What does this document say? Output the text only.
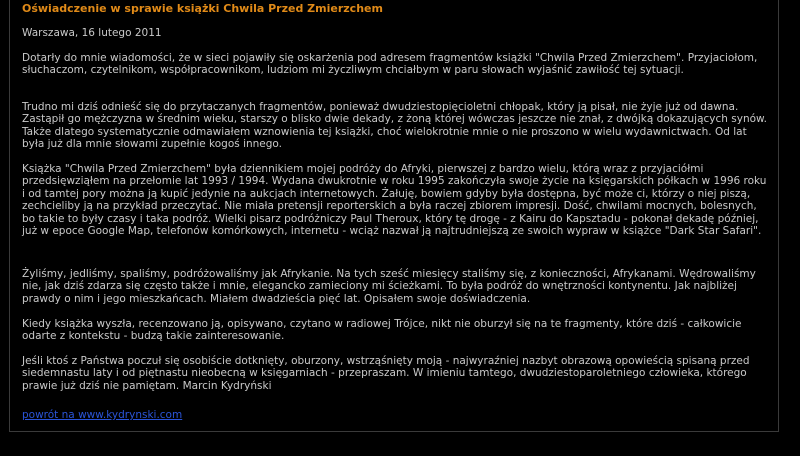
Oświadczenie w sprawie książki Chwila Przed Zmierzchem
Warszawa, 16 lutego 2011

Dotarły do mnie wiadomości, że w sieci pojawiły się oskarżenia pod adresem fragmentów książki "Chwila Przed Zmierzchem". Przyjaciołom, słuchaczom, czytelnikom, współpracownikom, ludziom mi życzliwym chciałbym w paru słowach wyjaśnić zawiłość tej sytuacji.

Trudno mi dziś odnieść się do przytaczanych fragmentów, ponieważ dwudziestopięcioletni chłopak, który ją pisał, nie żyje już od dawna. Zastąpił go mężczyzna w średnim wieku, starszy o blisko dwie dekady, z żoną której wówczas jeszcze nie znał, z dwójką dokazujących synów. Także dlatego systematycznie odmawiałem wznowienia tej książki, choć wielokrotnie mnie o nie proszono w wielu wydawnictwach. Od lat była już dla mnie słowami zupełnie kogoś innego.

Książka "Chwila Przed Zmierzchem" była dziennikiem mojej podróży do Afryki, pierwszej z bardzo wielu, którą wraz z przyjaciółmi przedsięwziąłem na przełomie lat 1993 / 1994. Wydana dwukrotnie w roku 1995 zakończyła swoje życie na księgarskich półkach w 1996 roku i od tamtej pory można ją kupić jedynie na aukcjach internetowych. Żałuję, bowiem gdyby była dostępna, być może ci, którzy o niej piszą, zechcieliby ją na przykład przeczytać. Nie miała pretensji reporterskich a była raczej zbiorem impresji. Dość, chwilami mocnych, bolesnych, bo takie to były czasy i taka podróż. Wielki pisarz podróżniczy Paul Theroux, który tę drogę - z Kairu do Kapsztadu - pokonał dekadę później, już w epoce Google Map, telefonów komórkowych, internetu - wciąż nazwał ją najtrudniejszą ze swoich wypraw w książce "Dark Star Safari".

Żyliśmy, jedliśmy, spaliśmy, podróżowaliśmy jak Afrykanie. Na tych sześć miesięcy staliśmy się, z konieczności, Afrykanami. Wędrowaliśmy nie, jak dziś zdarza się często także i mnie, elegancko zamieciony mi ścieżkami. To była podróż do wnętrzności kontynentu. Jak najbliżej prawdy o nim i jego mieszkańcach. Miałem dwadzieścia pięć lat. Opisałem swoje doświadczenia.

Kiedy książka wyszła, recenzowano ją, opisywano, czytano w radiowej Trójce, nikt nie oburzył się na te fragmenty, które dziś - całkowicie odarte z kontekstu - budzą takie zainteresowanie.

Jeśli ktoś z Państwa poczuł się osobiście dotknięty, oburzony, wstrząśnięty moją - najwyraźniej nazbyt obrazową opowieścią spisaną przed siedemnastu laty i od piętnastu nieobecną w księgarniach - przepraszam. W imieniu tamtego, dwudziestoparoletniego człowieka, którego prawie już dziś nie pamiętam. Marcin Kydryński

powrót na www.kydrynski.com
